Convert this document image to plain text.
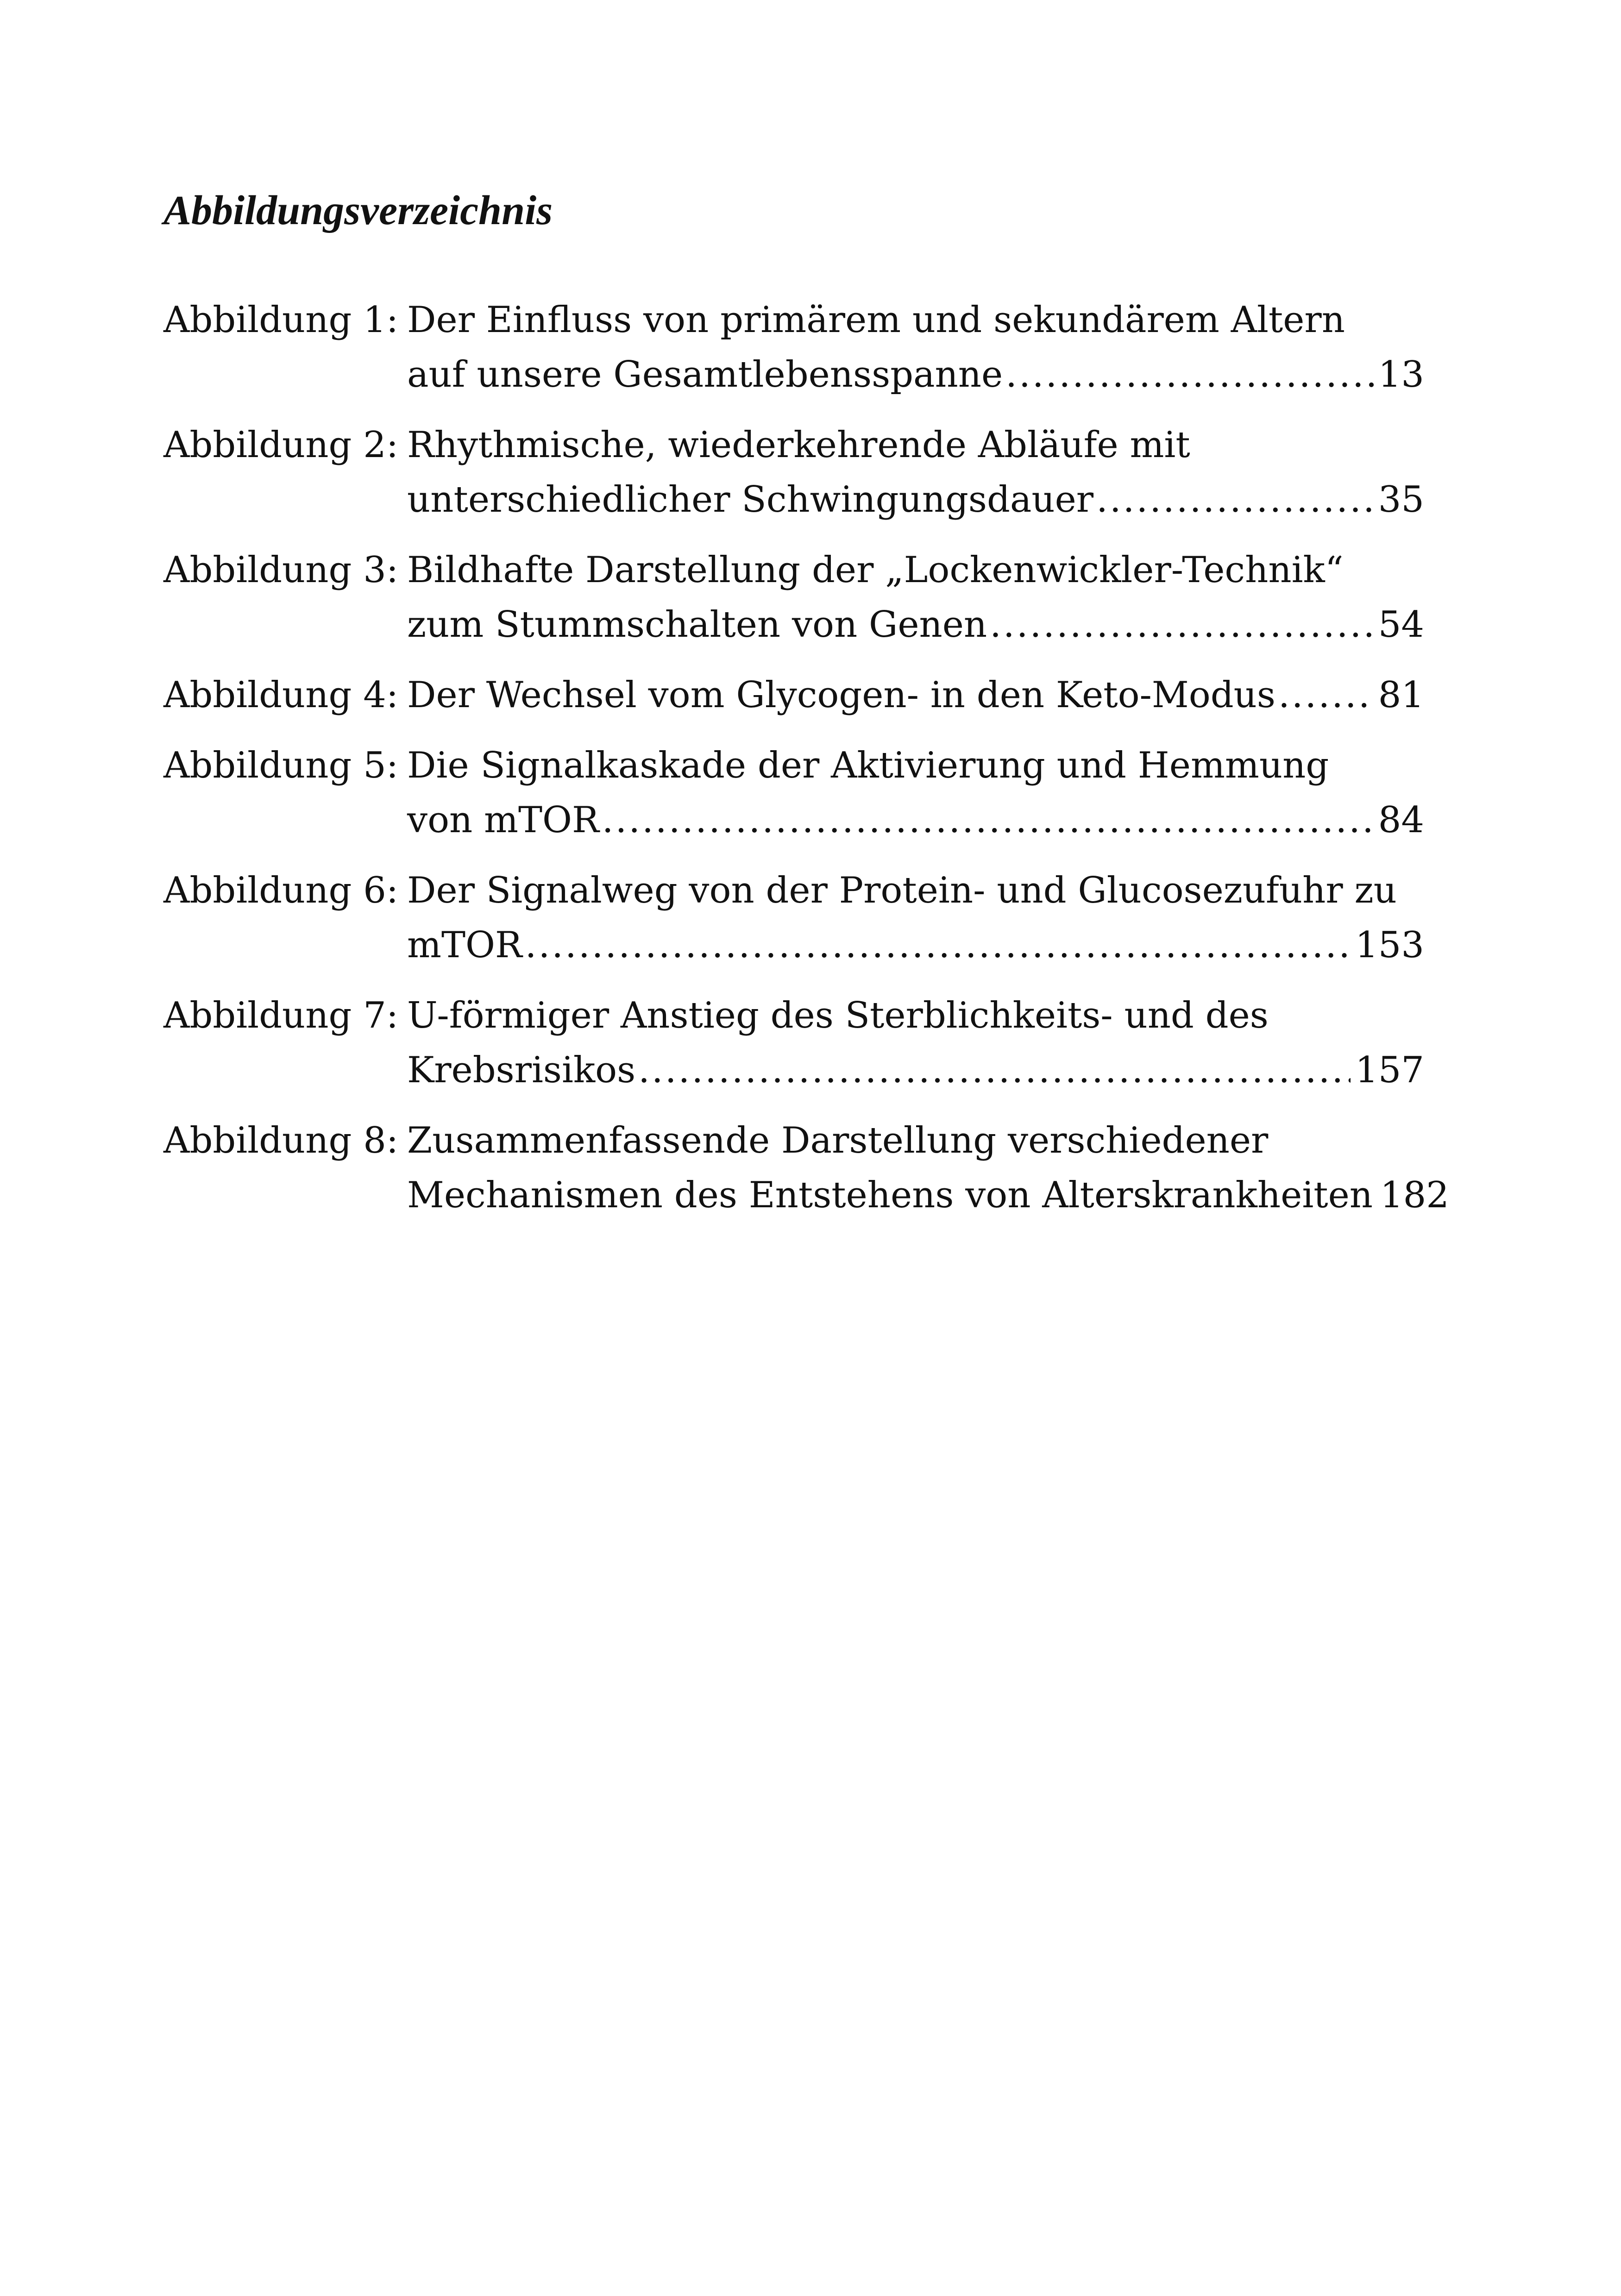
Abbildungsverzeichnis
Abbildung 1: Der Einfluss von primärem und sekundärem Altern
auf unsere Gesamtlebensspanne .....	13
Abbildung 2: Rhythmische, wiederkehrende Abläufe mit
unterschiedlicher Schwingungsdauer .....	35
Abbildung 3: Bildhafte Darstellung der „Lockenwickler-Technik“
zum Stummschalten von Genen .....	54
Abbildung 4: Der Wechsel vom Glycogen- in den Keto-Modus .....	81
Abbildung 5: Die Signalkaskade der Aktivierung und Hemmung
von mTOR .....	84
Abbildung 6: Der Signalweg von der Protein- und Glucosezufuhr zu
mTOR .....	153
Abbildung 7: U-förmiger Anstieg des Sterblichkeits- und des
Krebsrisikos .....	157
Abbildung 8: Zusammenfassende Darstellung verschiedener
Mechanismen des Entstehens von Alterskrankheiten 182
